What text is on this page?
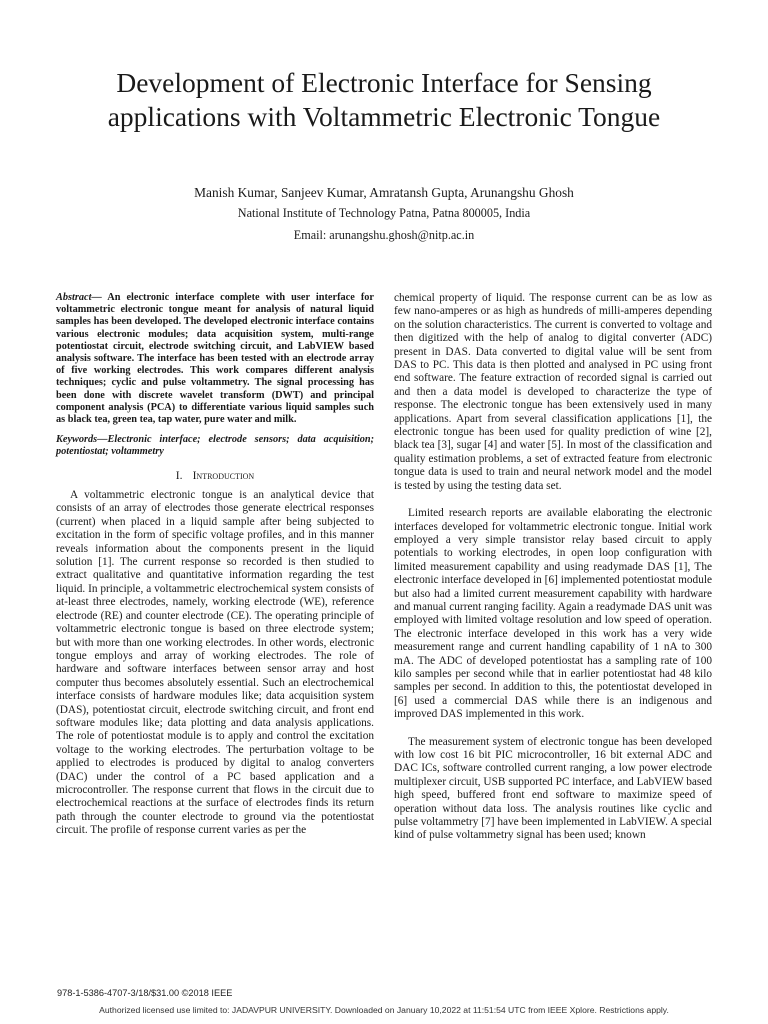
Development of Electronic Interface for Sensing
applications with Voltammetric Electronic Tongue
Manish Kumar, Sanjeev Kumar, Amratansh Gupta, Arunangshu Ghosh
National Institute of Technology Patna, Patna 800005, India
Email: arunangshu.ghosh@nitp.ac.in
Abstract— An electronic interface complete with user interface for voltammetric electronic tongue meant for analysis of natural liquid samples has been developed. The developed electronic interface contains various electronic modules; data acquisition system, multi-range potentiostat circuit, electrode switching circuit, and LabVIEW based analysis software. The interface has been tested with an electrode array of five working electrodes. This work compares different analysis techniques; cyclic and pulse voltammetry. The signal processing has been done with discrete wavelet transform (DWT) and principal component analysis (PCA) to differentiate various liquid samples such as black tea, green tea, tap water, pure water and milk.
Keywords—Electronic interface; electrode sensors; data acquisition; potentiostat; voltammetry
I. Introduction

A voltammetric electronic tongue is an analytical device that consists of an array of electrodes those generate electrical responses (current) when placed in a liquid sample after being subjected to excitation in the form of specific voltage profiles, and in this manner reveals information about the components present in the liquid solution [1]. The current response so recorded is then studied to extract qualitative and quantitative information regarding the test liquid. In principle, a voltammetric electrochemical system consists of at-least three electrodes, namely, working electrode (WE), reference electrode (RE) and counter electrode (CE). The operating principle of voltammetric electronic tongue is based on three electrode system; but with more than one working electrodes. In other words, electronic tongue employs and array of working electrodes. The role of hardware and software interfaces between sensor array and host computer thus becomes absolutely essential. Such an electrochemical interface consists of hardware modules like; data acquisition system (DAS), potentiostat circuit, electrode switching circuit, and front end software modules like; data plotting and data analysis applications. The role of potentiostat module is to apply and control the excitation voltage to the working electrodes. The perturbation voltage to be applied to electrodes is produced by digital to analog converters (DAC) under the control of a PC based application and a microcontroller. The response current that flows in the circuit due to electrochemical reactions at the surface of electrodes finds its return path through the counter electrode to ground via the potentiostat circuit. The profile of response current varies as per the

chemical property of liquid. The response current can be as low as few nano-amperes or as high as hundreds of milli-amperes depending on the solution characteristics. The current is converted to voltage and then digitized with the help of analog to digital converter (ADC) present in DAS. Data converted to digital value will be sent from DAS to PC. This data is then plotted and analysed in PC using front end software. The feature extraction of recorded signal is carried out and then a data model is developed to characterize the type of response. The electronic tongue has been extensively used in many applications. Apart from several classification applications [1], the electronic tongue has been used for quality prediction of wine [2], black tea [3], sugar [4] and water [5]. In most of the classification and quality estimation problems, a set of extracted feature from electronic tongue data is used to train and neural network model and the model is tested by using the testing data set.

Limited research reports are available elaborating the electronic interfaces developed for voltammetric electronic tongue. Initial work employed a very simple transistor relay based circuit to apply potentials to working electrodes, in open loop configuration with limited measurement capability and using readymade DAS [1], The electronic interface developed in [6] implemented potentiostat module but also had a limited current measurement capability with hardware and manual current ranging facility. Again a readymade DAS unit was employed with limited voltage resolution and low speed of operation. The electronic interface developed in this work has a very wide measurement range and current handling capability of 1 nA to 300 mA. The ADC of developed potentiostat has a sampling rate of 100 kilo samples per second while that in earlier potentiostat had 48 kilo samples per second. In addition to this, the potentiostat developed in [6] used a commercial DAS while there is an indigenous and improved DAS implemented in this work.

The measurement system of electronic tongue has been developed with low cost 16 bit PIC microcontroller, 16 bit external ADC and DAC ICs, software controlled current ranging, a low power electrode multiplexer circuit, USB supported PC interface, and LabVIEW based high speed, buffered front end software to maximize speed of operation without data loss. The analysis routines like cyclic and pulse voltammetry [7] have been implemented in LabVIEW. A special kind of pulse voltammetry signal has been used; known

978-1-5386-4707-3/18/$31.00 ©2018 IEEE
Authorized licensed use limited to: JADAVPUR UNIVERSITY. Downloaded on January 10,2022 at 11:51:54 UTC from IEEE Xplore. Restrictions apply.
